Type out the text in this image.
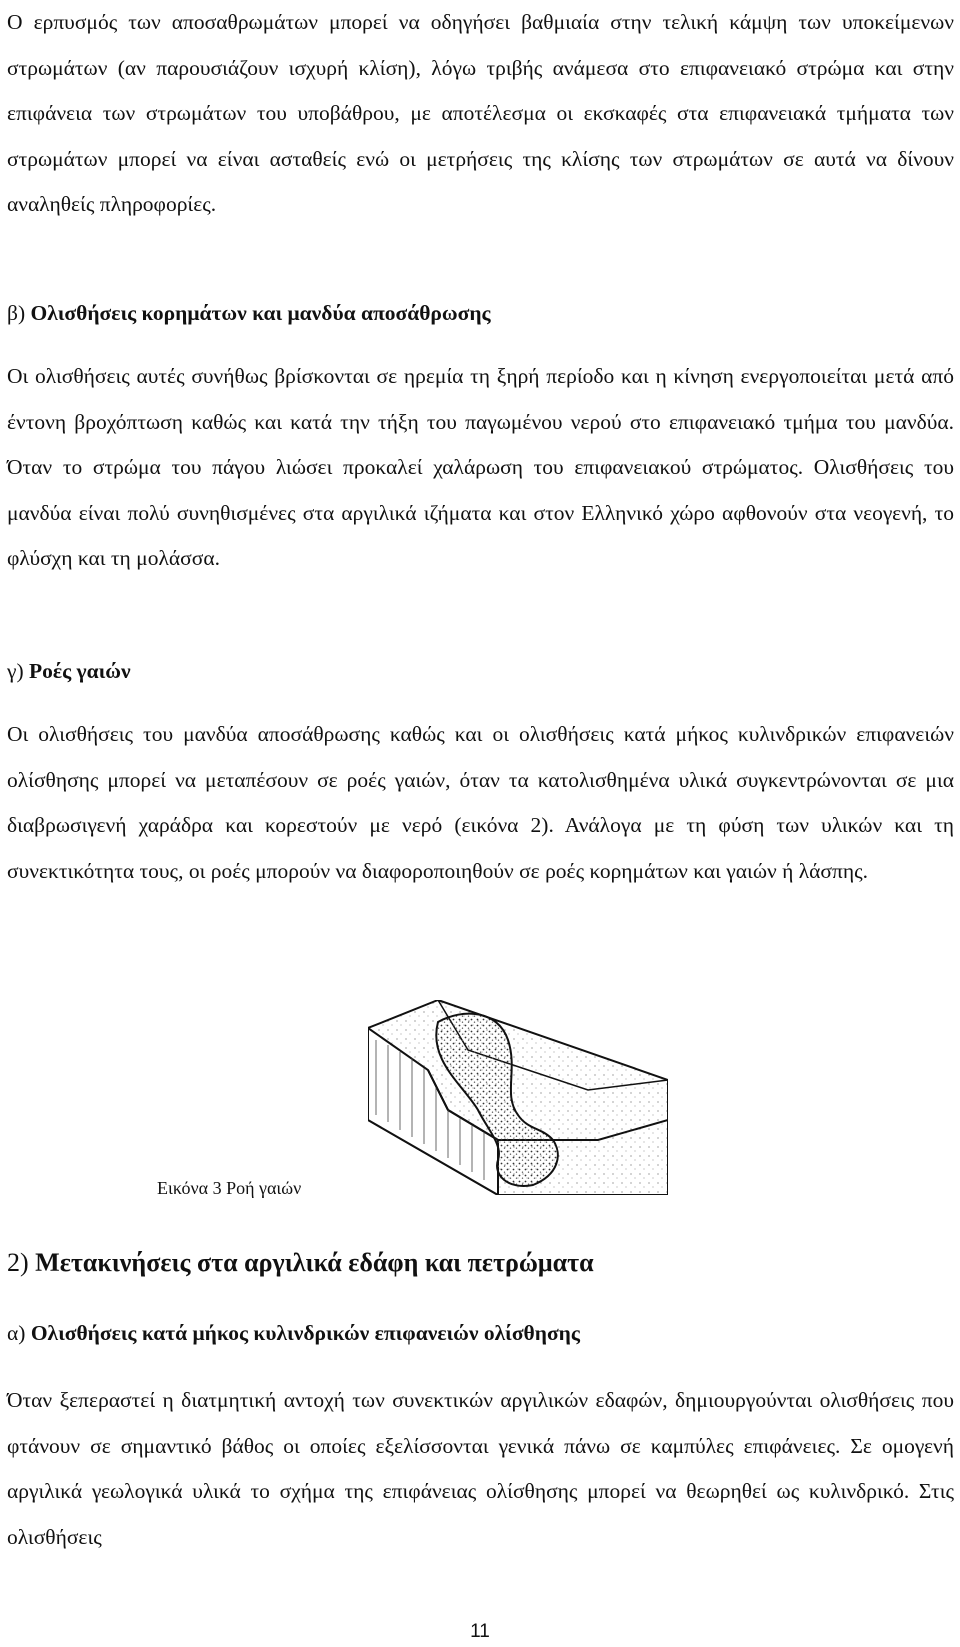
Ο ερπυσμός των αποσαθρωμάτων μπορεί να οδηγήσει βαθμιαία στην τελική κάμψη των υποκείμενων στρωμάτων (αν παρουσιάζουν ισχυρή κλίση), λόγω τριβής ανάμεσα στο επιφανειακό στρώμα και στην επιφάνεια των στρωμάτων του υποβάθρου, με αποτέλεσμα οι εκσκαφές στα επιφανειακά τμήματα των στρωμάτων μπορεί να είναι ασταθείς ενώ οι μετρήσεις της κλίσης των στρωμάτων σε αυτά να δίνουν αναληθείς πληροφορίες.

β) Ολισθήσεις κορημάτων και μανδύα αποσάθρωσης

Οι ολισθήσεις αυτές συνήθως βρίσκονται σε ηρεμία τη ξηρή περίοδο και η κίνηση ενεργοποιείται μετά από έντονη βροχόπτωση καθώς και κατά την τήξη του παγωμένου νερού στο επιφανειακό τμήμα του μανδύα. Όταν το στρώμα του πάγου λιώσει προκαλεί χαλάρωση του επιφανειακού στρώματος. Ολισθήσεις του μανδύα είναι πολύ συνηθισμένες στα αργιλικά ιζήματα και στον Ελληνικό χώρο αφθονούν στα νεογενή, το φλύσχη και τη μολάσσα.

γ) Ροές γαιών

Οι ολισθήσεις του μανδύα αποσάθρωσης καθώς και οι ολισθήσεις κατά μήκος κυλινδρικών επιφανειών ολίσθησης μπορεί να μεταπέσουν σε ροές γαιών, όταν τα κατολισθημένα υλικά συγκεντρώνονται σε μια διαβρωσιγενή χαράδρα και κορεστούν με νερό (εικόνα 2). Ανάλογα με τη φύση των υλικών και τη συνεκτικότητα τους, οι ροές μπορούν να διαφοροποιηθούν σε ροές κορημάτων και γαιών ή λάσπης.

Εικόνα 3 Ροή γαιών

2) Μετακινήσεις στα αργιλικά εδάφη και πετρώματα

α) Ολισθήσεις κατά μήκος κυλινδρικών επιφανειών ολίσθησης

Όταν ξεπεραστεί η διατμητική αντοχή των συνεκτικών αργιλικών εδαφών, δημιουργούνται ολισθήσεις που φτάνουν σε σημαντικό βάθος οι οποίες εξελίσσονται γενικά πάνω σε καμπύλες επιφάνειες. Σε ομογενή αργιλικά γεωλογικά υλικά το σχήμα της επιφάνειας ολίσθησης μπορεί να θεωρηθεί ως κυλινδρικό. Στις ολισθήσεις

11
